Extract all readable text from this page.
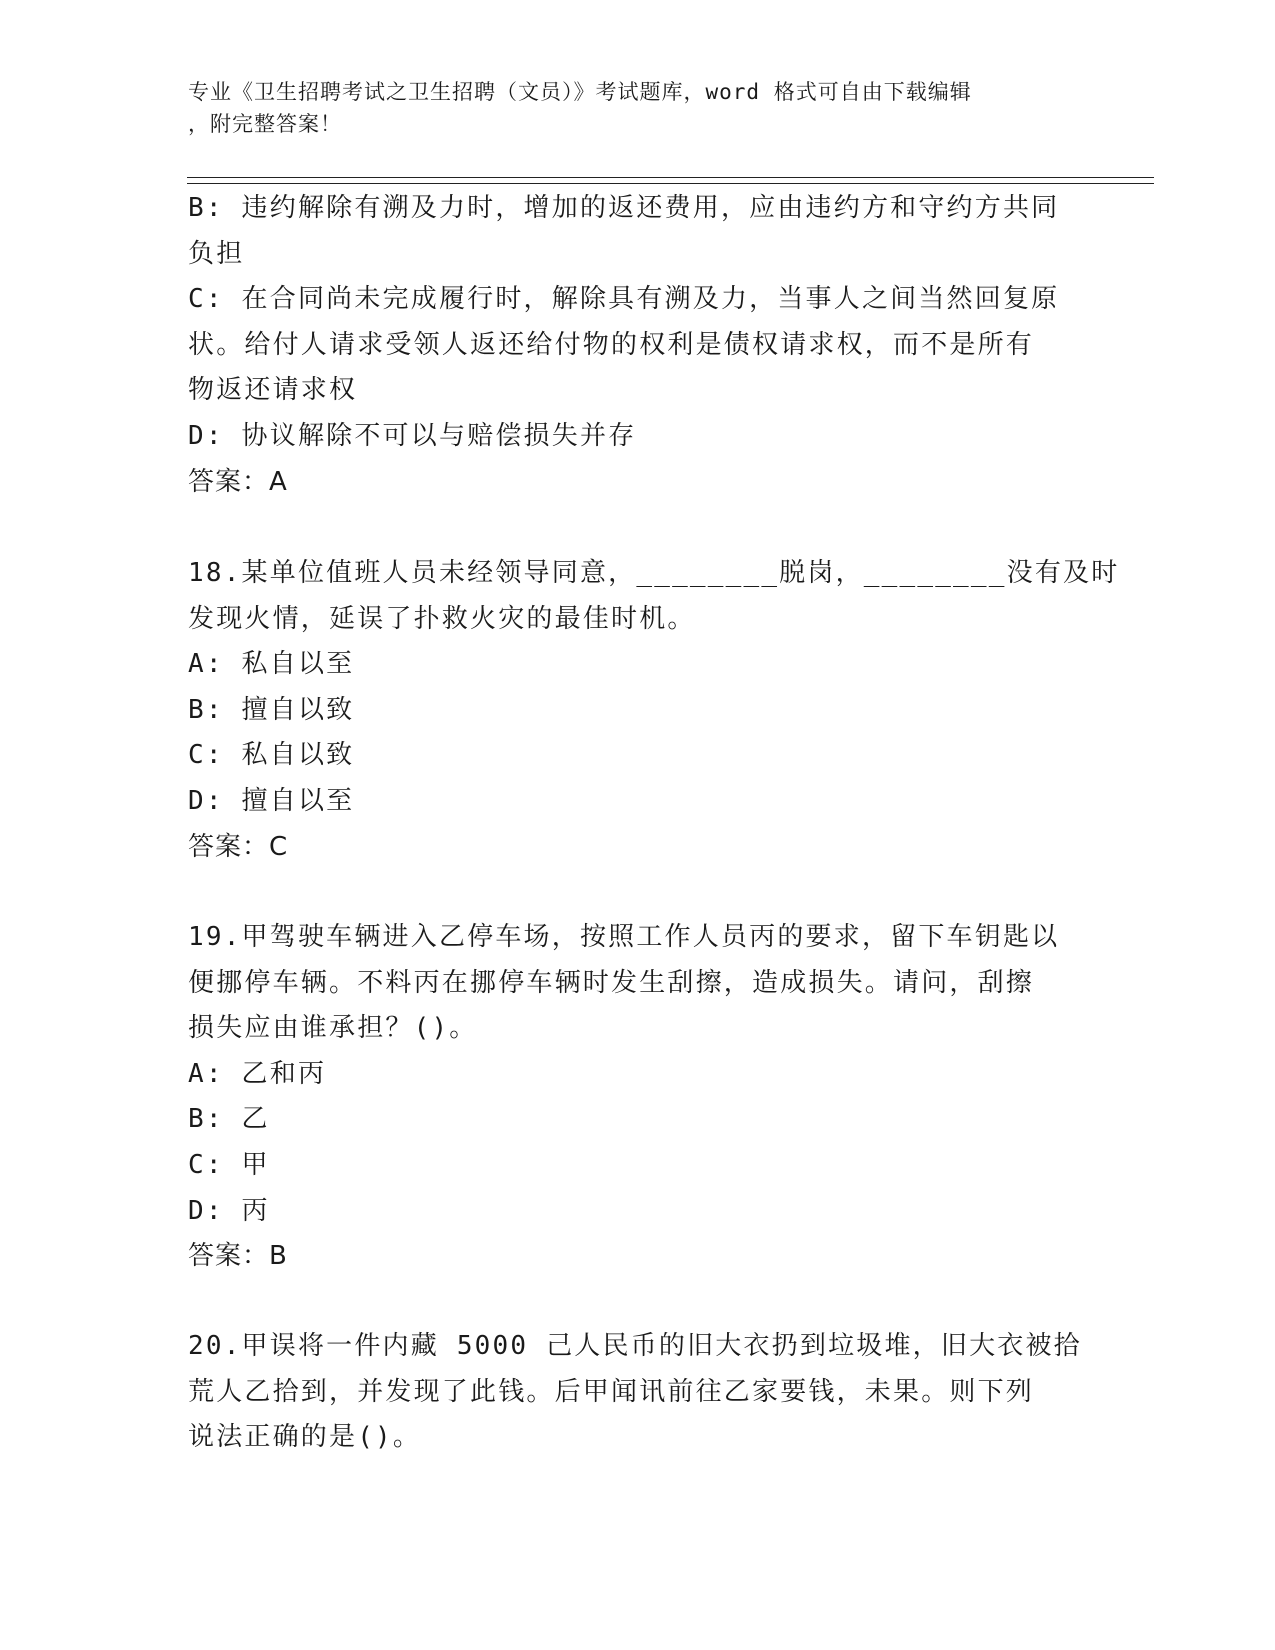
专业《卫生招聘考试之卫生招聘（文员）》考试题库，word 格式可自由下载编辑
，附完整答案！
B: 违约解除有溯及力时，增加的返还费用，应由违约方和守约方共同
负担
C: 在合同尚未完成履行时，解除具有溯及力，当事人之间当然回复原
状。给付人请求受领人返还给付物的权利是债权请求权，而不是所有
物返还请求权
D: 协议解除不可以与赔偿损失并存
答案：A
18.某单位值班人员未经领导同意，________脱岗，________没有及时
发现火情，延误了扑救火灾的最佳时机。
A: 私自以至
B: 擅自以致
C: 私自以致
D: 擅自以至
答案：C
19.甲驾驶车辆进入乙停车场，按照工作人员丙的要求，留下车钥匙以
便挪停车辆。不料丙在挪停车辆时发生刮擦，造成损失。请问，刮擦
损失应由谁承担？()。
A: 乙和丙
B: 乙
C: 甲
D: 丙
答案：B
20.甲误将一件内藏 5000 己人民币的旧大衣扔到垃圾堆，旧大衣被拾
荒人乙拾到，并发现了此钱。后甲闻讯前往乙家要钱，未果。则下列
说法正确的是()。
